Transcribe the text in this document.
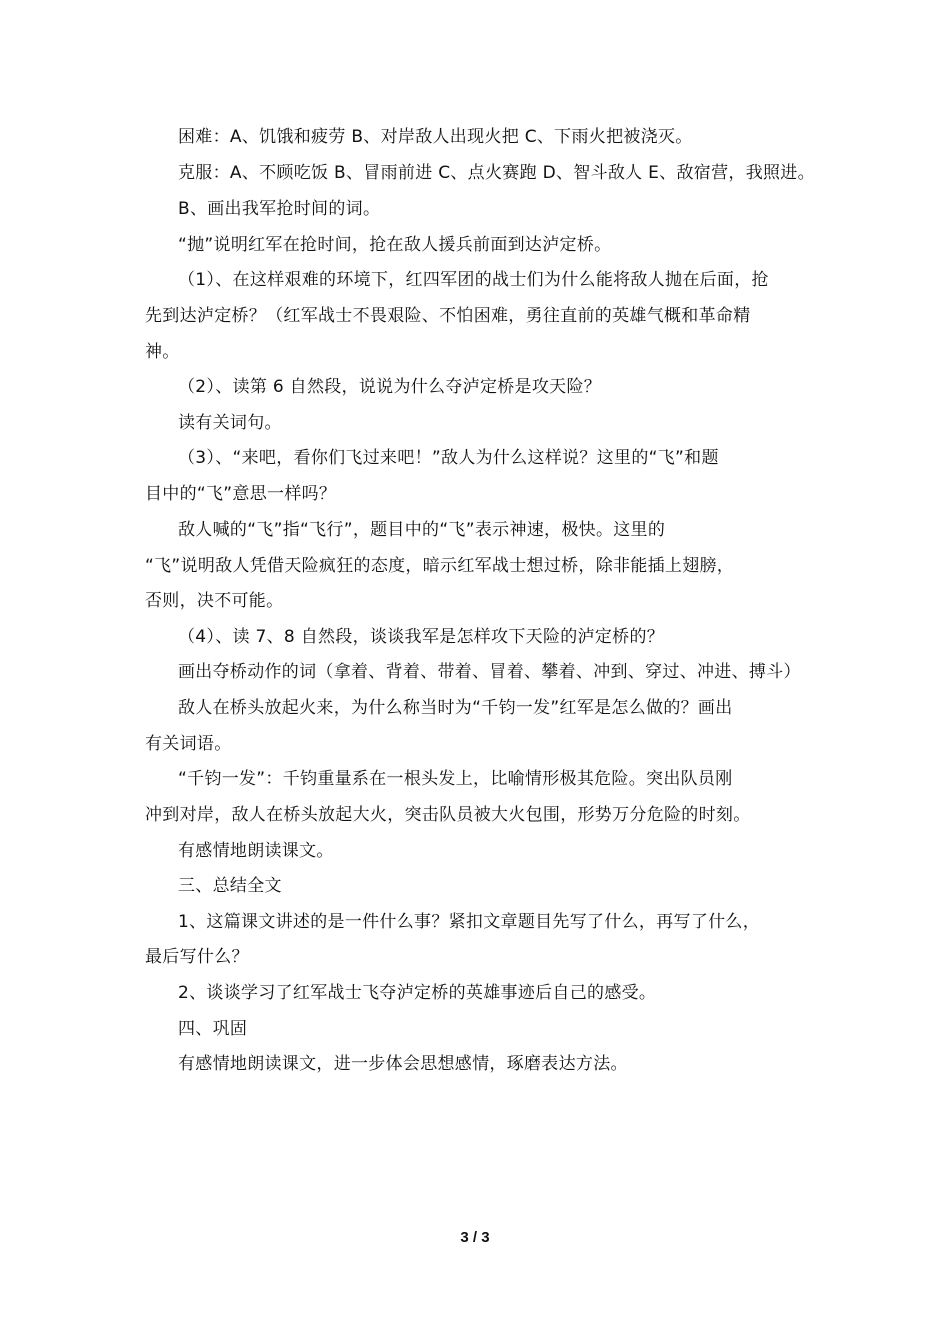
困难：A、饥饿和疲劳 B、对岸敌人出现火把 C、下雨火把被浇灭。
克服：A、不顾吃饭 B、冒雨前进 C、点火赛跑 D、智斗敌人 E、敌宿营，我照进。
B、画出我军抢时间的词。
“抛”说明红军在抢时间，抢在敌人援兵前面到达泸定桥。
（1）、在这样艰难的环境下，红四军团的战士们为什么能将敌人抛在后面，抢
先到达泸定桥？（红军战士不畏艰险、不怕困难，勇往直前的英雄气概和革命精
神。
（2）、读第 6 自然段，说说为什么夺泸定桥是攻天险？
读有关词句。
（3）、“来吧，看你们飞过来吧！”敌人为什么这样说？这里的“飞”和题
目中的“飞”意思一样吗？
敌人喊的“飞”指“飞行”，题目中的“飞”表示神速，极快。这里的
“飞”说明敌人凭借天险疯狂的态度，暗示红军战士想过桥，除非能插上翅膀，
否则，决不可能。
（4）、读 7、8 自然段，谈谈我军是怎样攻下天险的泸定桥的？
画出夺桥动作的词（拿着、背着、带着、冒着、攀着、冲到、穿过、冲进、搏斗）
敌人在桥头放起火来，为什么称当时为“千钧一发”红军是怎么做的？画出
有关词语。
“千钧一发”：千钧重量系在一根头发上，比喻情形极其危险。突出队员刚
冲到对岸，敌人在桥头放起大火，突击队员被大火包围，形势万分危险的时刻。
有感情地朗读课文。
三、总结全文
1、这篇课文讲述的是一件什么事？紧扣文章题目先写了什么，再写了什么，
最后写什么？
2、谈谈学习了红军战士飞夺泸定桥的英雄事迹后自己的感受。
四、巩固
有感情地朗读课文，进一步体会思想感情，琢磨表达方法。
3 / 3
